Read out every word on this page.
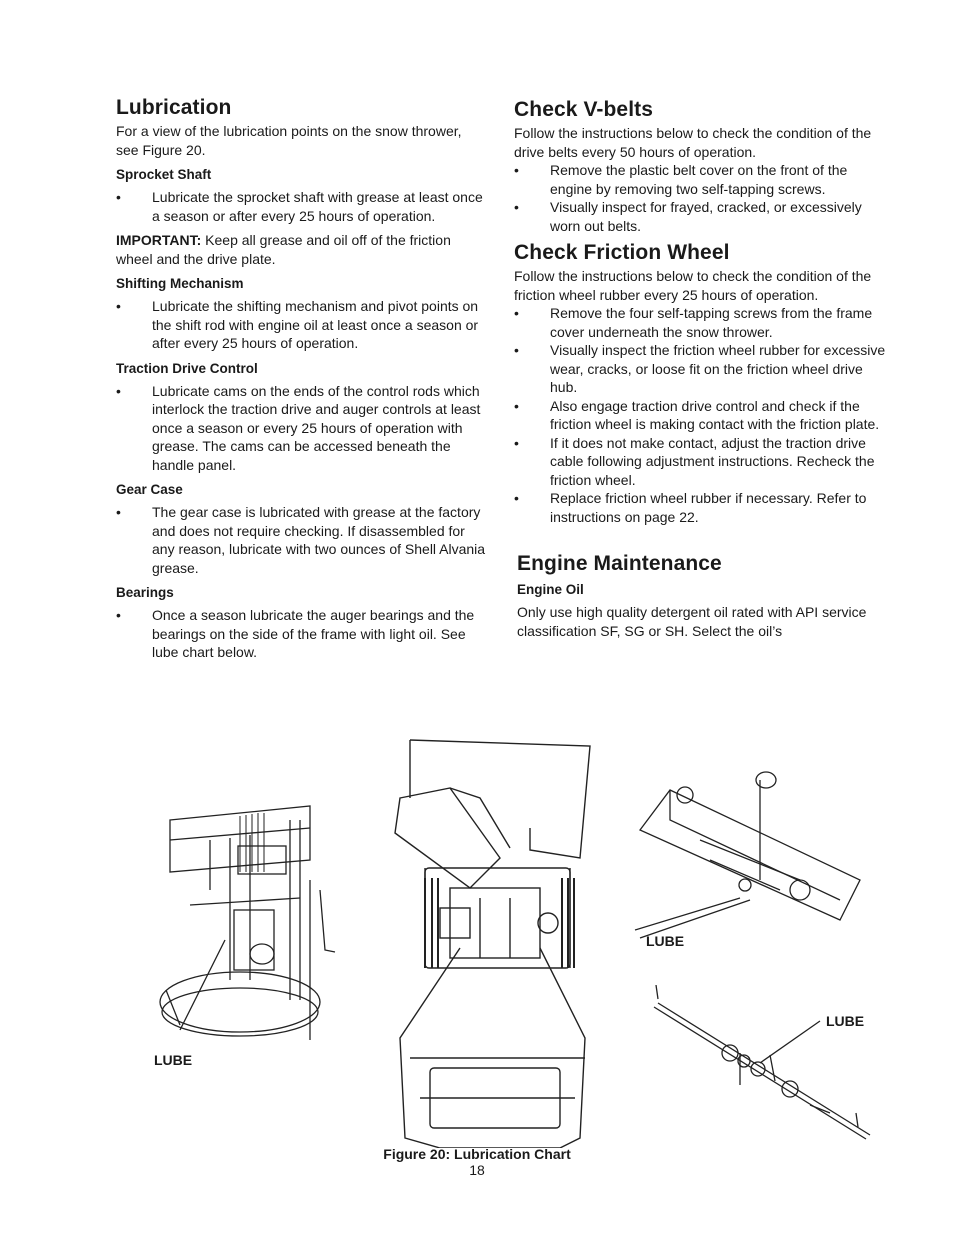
Lubrication

For a view of the lubrication points on the snow thrower, see Figure 20.

Sprocket Shaft
• Lubricate the sprocket shaft with grease at least once a season or after every 25 hours of operation.

IMPORTANT: Keep all grease and oil off of the friction wheel and the drive plate.

Shifting Mechanism
• Lubricate the shifting mechanism and pivot points on the shift rod with engine oil at least once a season or after every 25 hours of operation.
Traction Drive Control
• Lubricate cams on the ends of the control rods which interlock the traction drive and auger controls at least once a season or every 25 hours of operation with grease. The cams can be accessed beneath the handle panel.
Gear Case
• The gear case is lubricated with grease at the factory and does not require checking. If disassembled for any reason, lubricate with two ounces of Shell Alvania grease.
Bearings
• Once a season lubricate the auger bearings and the bearings on the side of the frame with light oil. See lube chart below.
Check V-belts

Follow the instructions below to check the condition of the drive belts every 50 hours of operation.

• Remove the plastic belt cover on the front of the engine by removing two self-tapping screws.
• Visually inspect for frayed, cracked, or excessively worn out belts.
Check Friction Wheel

Follow the instructions below to check the condition of the friction wheel rubber every 25 hours of operation.

• Remove the four self-tapping screws from the frame cover underneath the snow thrower.
• Visually inspect the friction wheel rubber for excessive wear, cracks, or loose fit on the friction wheel drive hub.
• Also engage traction drive control and check if the friction wheel is making contact with the friction plate.
• If it does not make contact, adjust the traction drive cable following adjustment instructions. Recheck the friction wheel.
• Replace friction wheel rubber if necessary. Refer to instructions on page 22.
Engine Maintenance
Engine Oil

Only use high quality detergent oil rated with API service classification SF, SG or SH. Select the oil’s

LUBE
LUBE
LUBE
Figure 20: Lubrication Chart
18
